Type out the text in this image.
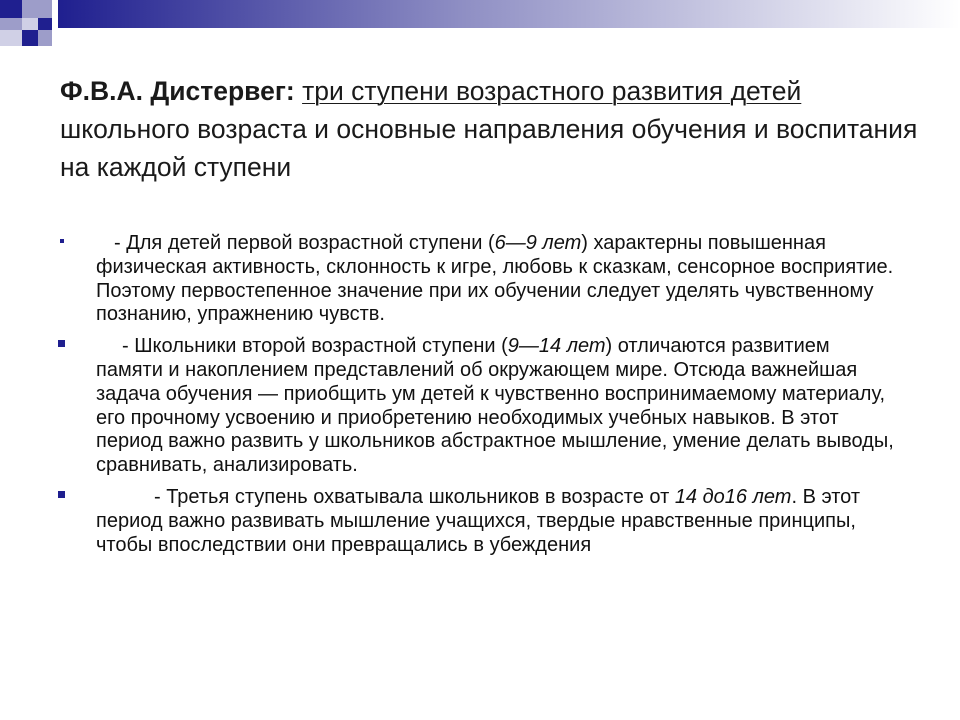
Ф.В.А. Дистервег: три ступени возрастного развития детей школьного возраста и основные направления обучения и воспитания на каждой ступени
- Для детей первой возрастной ступени (6—9 лет) характерны повышенная физическая активность, склонность к игре, любовь к сказкам, сенсорное восприятие. Поэтому первостепенное значение при их обучении следует уделять чувственному познанию, упражнению чувств.
- Школьники второй возрастной ступени (9—14 лет) отличаются развитием памяти и накоплением представлений об окружающем мире. Отсюда важнейшая задача обучения — приобщить ум детей к чувственно воспринимаемому материалу, его прочному усвоению и приобретению необходимых учебных навыков. В этот период важно развить у школьников абстрактное мышление, умение делать выводы, сравнивать, анализировать.
- Третья ступень охватывала школьников в возрасте от 14 до16 лет. В этот период важно развивать мышление учащихся, твердые нравственные принципы, чтобы впоследствии они превращались в убеждения
